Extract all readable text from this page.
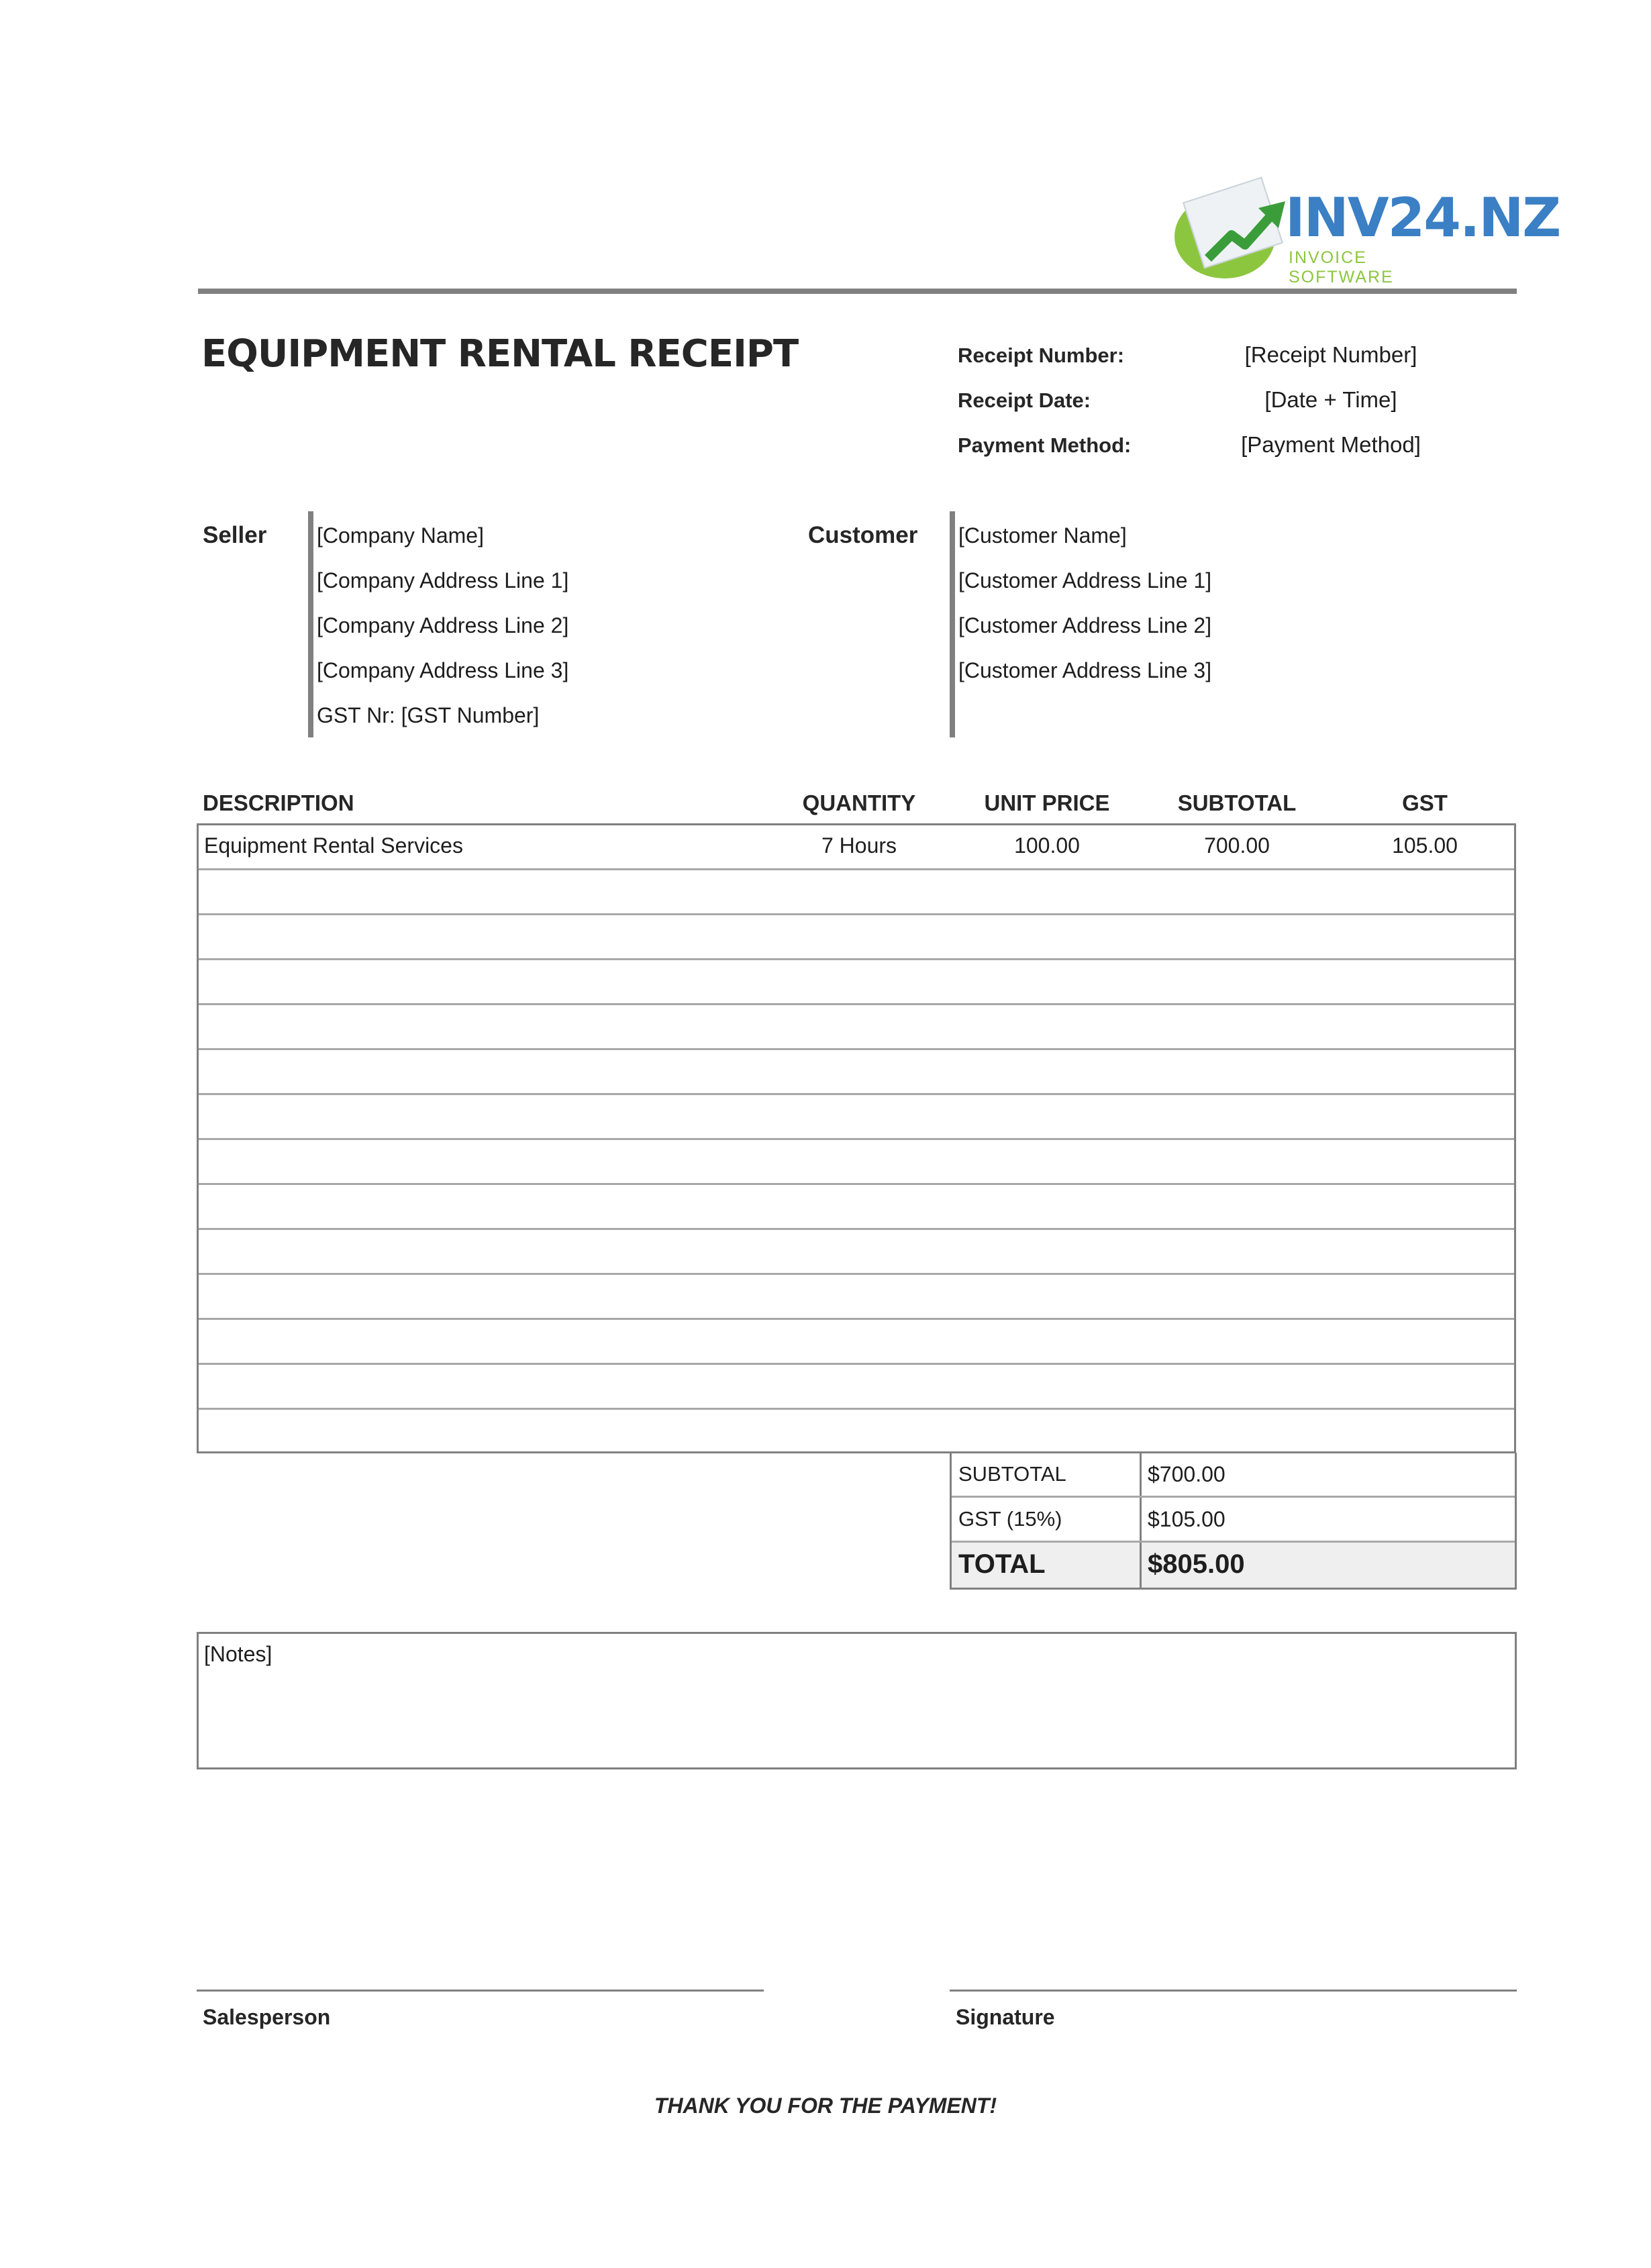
INV24.NZ
INVOICE SOFTWARE
EQUIPMENT RENTAL RECEIPT	Receipt Number:	[Receipt Number]
Receipt Date:	[Date + Time]
Payment Method:	[Payment Method]
Seller [Company Name]
[Company Address Line 1]
[Company Address Line 2]
[Company Address Line 3]
GST Nr: [GST Number]
Customer [Customer Name]
[Customer Address Line 1]
[Customer Address Line 2]
[Customer Address Line 3]
DESCRIPTION	QUANTITY	UNIT PRICE	SUBTOTAL	GST
Equipment Rental Services	7 Hours	100.00	700.00	105.00
SUBTOTAL	$700.00
GST (15%)	$105.00
TOTAL	$805.00
[Notes]
Salesperson	Signature
THANK YOU FOR THE PAYMENT!
